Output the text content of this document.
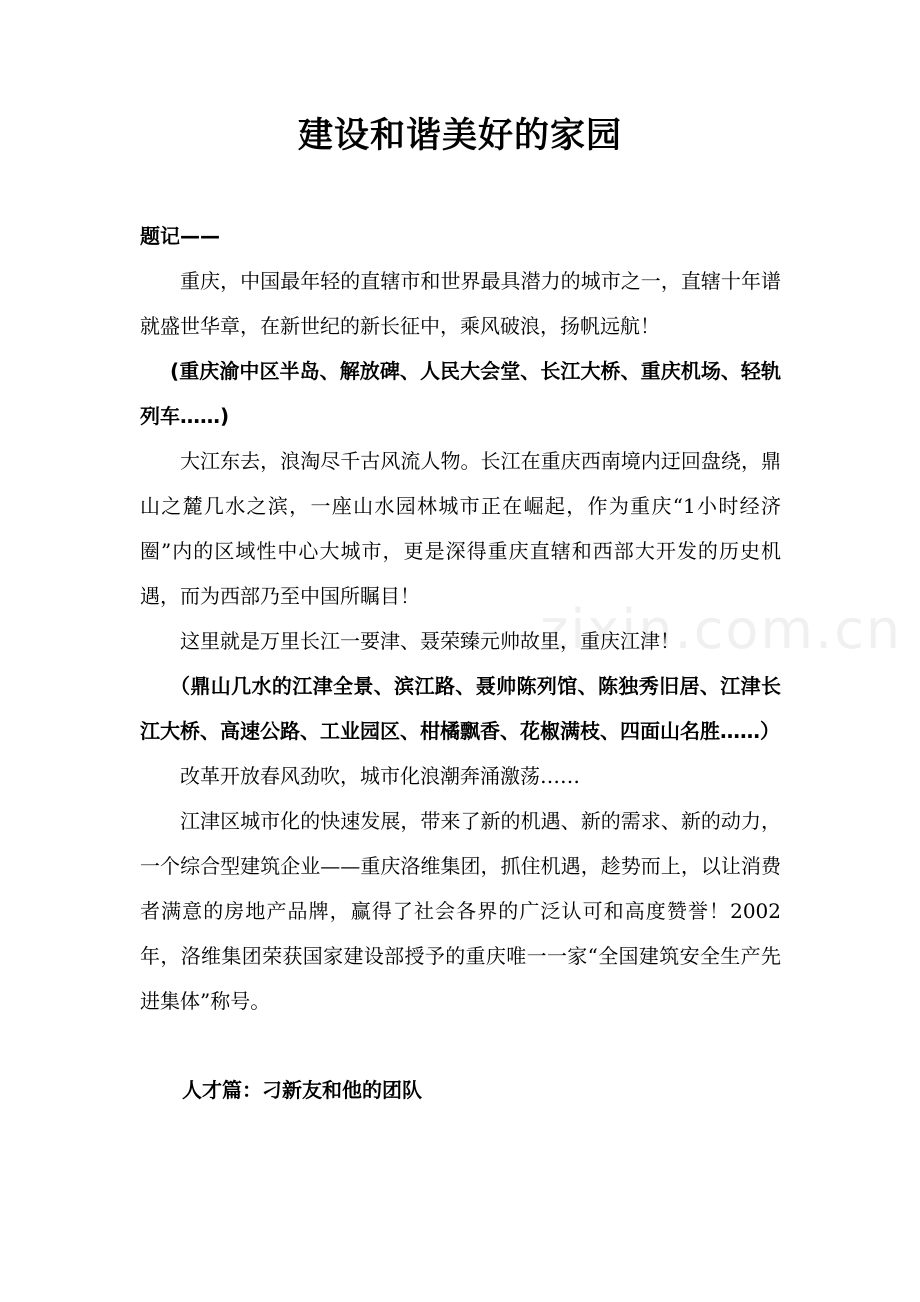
建设和谐美好的家园

题记——

重庆，中国最年轻的直辖市和世界最具潜力的城市之一，直辖十年谱就盛世华章，在新世纪的新长征中，乘风破浪，扬帆远航！

(重庆渝中区半岛、解放碑、人民大会堂、长江大桥、重庆机场、轻轨列车……)

大江东去，浪淘尽千古风流人物。长江在重庆西南境内迂回盘绕，鼎山之麓几水之滨，一座山水园林城市正在崛起，作为重庆“1小时经济圈”内的区域性中心大城市，更是深得重庆直辖和西部大开发的历史机遇，而为西部乃至中国所瞩目！

这里就是万里长江一要津、聂荣臻元帅故里，重庆江津！

（鼎山几水的江津全景、滨江路、聂帅陈列馆、陈独秀旧居、江津长江大桥、高速公路、工业园区、柑橘飘香、花椒满枝、四面山名胜……）

改革开放春风劲吹，城市化浪潮奔涌激荡……

江津区城市化的快速发展，带来了新的机遇、新的需求、新的动力，一个综合型建筑企业——重庆洛维集团，抓住机遇，趁势而上，以让消费者满意的房地产品牌，赢得了社会各界的广泛认可和高度赞誉！2002年，洛维集团荣获国家建设部授予的重庆唯一一家“全国建筑安全生产先进集体”称号。

人才篇：刁新友和他的团队

zixin.com.cn
